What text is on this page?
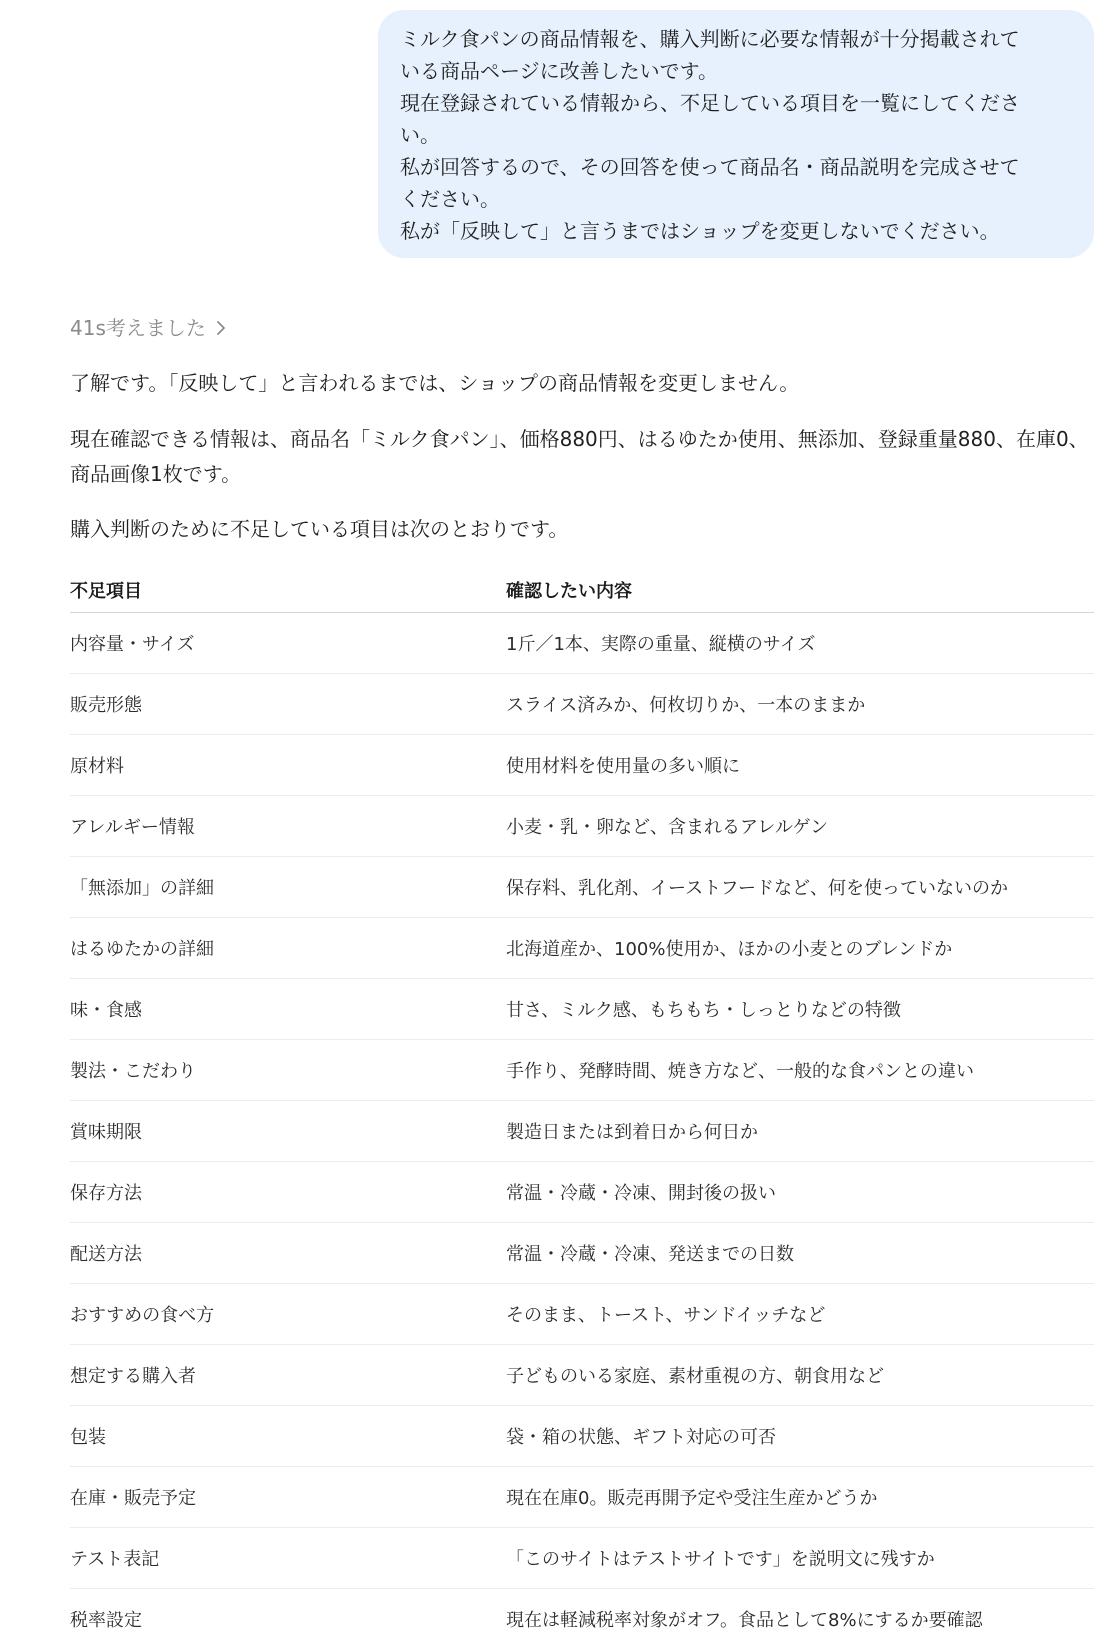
ミルク食パンの商品情報を、購入判断に必要な情報が十分掲載されて
いる商品ページに改善したいです。
現在登録されている情報から、不足している項目を一覧にしてくださ
い。
私が回答するので、その回答を使って商品名・商品説明を完成させて
ください。
私が「反映して」と言うまではショップを変更しないでください。
41s考えました

了解です。「反映して」と言われるまでは、ショップの商品情報を変更しません。

現在確認できる情報は、商品名「ミルク食パン」、価格880円、はるゆたか使用、無添加、登録重量880、在庫0、商品画像1枚です。

購入判断のために不足している項目は次のとおりです。

不足項目	確認したい内容
内容量・サイズ	1斤／1本、実際の重量、縦横のサイズ
販売形態	スライス済みか、何枚切りか、一本のままか
原材料	使用材料を使用量の多い順に
アレルギー情報	小麦・乳・卵など、含まれるアレルゲン
「無添加」の詳細	保存料、乳化剤、イーストフードなど、何を使っていないのか
はるゆたかの詳細	北海道産か、100%使用か、ほかの小麦とのブレンドか
味・食感	甘さ、ミルク感、もちもち・しっとりなどの特徴
製法・こだわり	手作り、発酵時間、焼き方など、一般的な食パンとの違い
賞味期限	製造日または到着日から何日か
保存方法	常温・冷蔵・冷凍、開封後の扱い
配送方法	常温・冷蔵・冷凍、発送までの日数
おすすめの食べ方	そのまま、トースト、サンドイッチなど
想定する購入者	子どものいる家庭、素材重視の方、朝食用など
包装	袋・箱の状態、ギフト対応の可否
在庫・販売予定	現在在庫0。販売再開予定や受注生産かどうか
テスト表記	「このサイトはテストサイトです」を説明文に残すか
税率設定	現在は軽減税率対象がオフ。食品として8%にするか要確認
